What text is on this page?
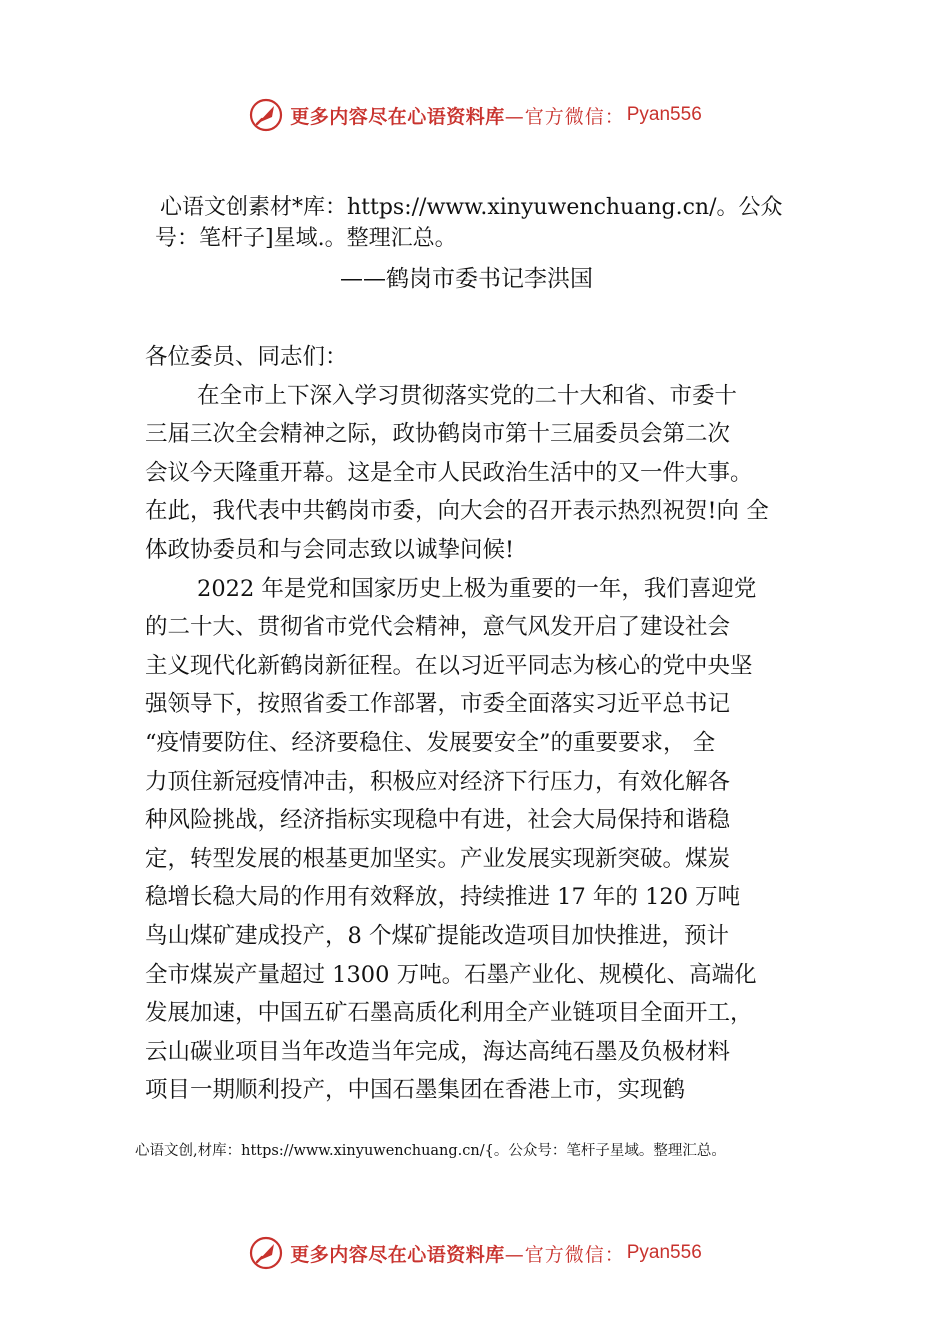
更多内容尽在心语资料库 —官方微信： Pyan556
心语文创素材*库：https://www.xinyuwenchuang.cn/。公众
号：笔杆子]星域.。整理汇总。
——鹤岗市委书记李洪国
各位委员、同志们：

在全市上下深入学习贯彻落实党的二十大和省、市委十
三届三次全会精神之际，政协鹤岗市第十三届委员会第二次
会议今天隆重开幕。这是全市人民政治生活中的又一件大事。
在此，我代表中共鹤岗市委，向大会的召开表示热烈祝贺!向 全
体政协委员和与会同志致以诚挚问候!

2022 年是党和国家历史上极为重要的一年，我们喜迎党
的二十大、贯彻省市党代会精神，意气风发开启了建设社会
主义现代化新鹤岗新征程。在以习近平同志为核心的党中央坚
强领导下，按照省委工作部署，市委全面落实习近平总书记
“疫情要防住、经济要稳住、发展要安全”的重要要求， 全
力顶住新冠疫情冲击，积极应对经济下行压力，有效化解各
种风险挑战，经济指标实现稳中有进，社会大局保持和谐稳
定，转型发展的根基更加坚实。产业发展实现新突破。煤炭
稳增长稳大局的作用有效释放，持续推进 17 年的 120 万吨
鸟山煤矿建成投产，8 个煤矿提能改造项目加快推进，预计
全市煤炭产量超过 1300 万吨。石墨产业化、规模化、高端化
发展加速，中国五矿石墨高质化利用全产业链项目全面开工，
云山碳业项目当年改造当年完成，海达高纯石墨及负极材料
项目一期顺利投产，中国石墨集团在香港上市，实现鹤

心语文创,材库：https://www.xinyuwenchuang.cn/{。公众号：笔杆子星域。整理汇总。
更多内容尽在心语资料库 —官方微信： Pyan556
